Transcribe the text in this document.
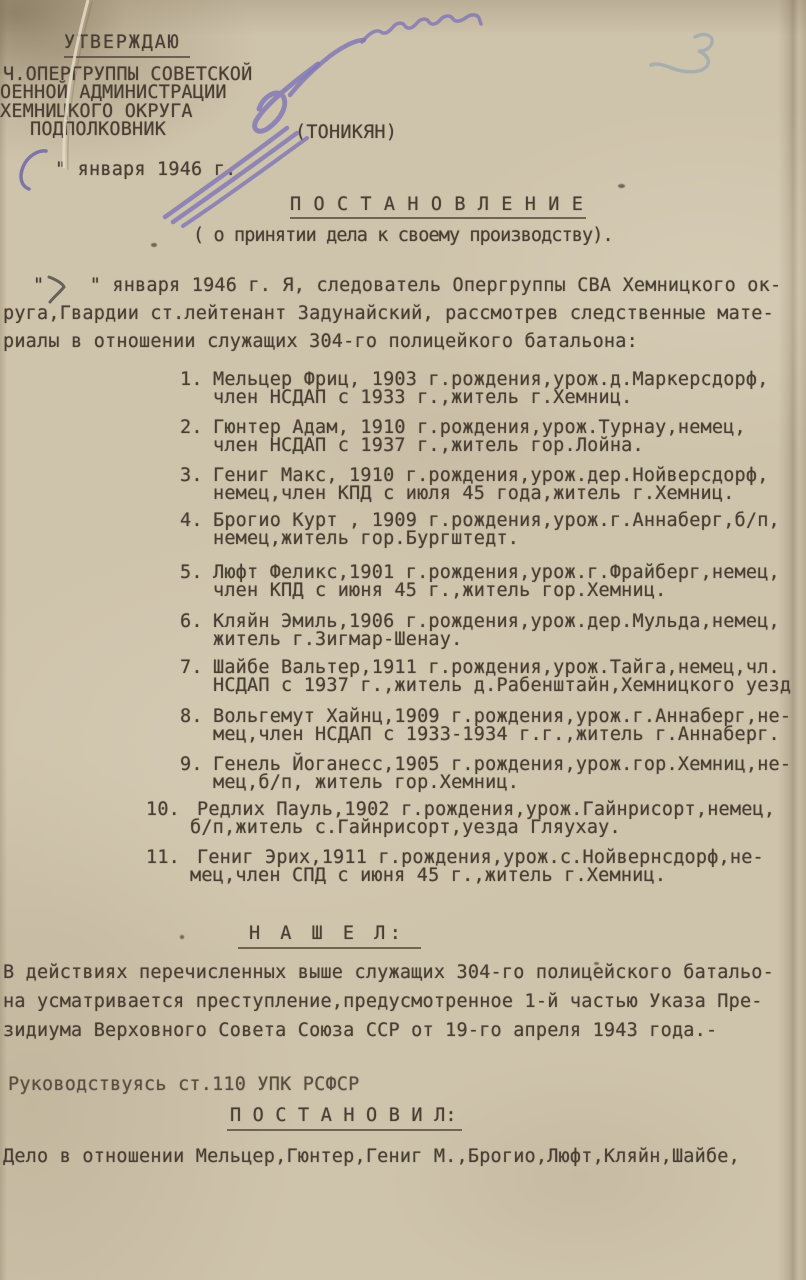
УТВЕРЖДАЮ
Ч.ОПЕРГРУППЫ СОВЕТСКОЙ
ОЕННОЙ АДМИНИСТРАЦИИ
ХЕМНИЦКОГО ОКРУГА
ПОДПОЛКОВНИК	(ТОНИКЯН)
" января 1946 г.
П О С Т А Н О В Л Е Н И Е
( о принятии дела к своему производству).
"    " января 1946 г. Я, следователь Опергруппы СВА Хемницкого ок-
руга,Гвардии ст.лейтенант Задунайский, рассмотрев следственные мате-
риалы в отношении служащих 304-го полицейкого батальона:
1. Мельцер Фриц, 1903 г.рождения,урож.д.Маркерсдорф,
член НСДАП с 1933 г.,житель г.Хемниц.
2. Гюнтер Адам, 1910 г.рождения,урож.Турнау,немец,
член НСДАП с 1937 г.,житель гор.Лойна.
3. Гениг Макс, 1910 г.рождения,урож.дер.Нойверсдорф,
немец,член КПД с июля 45 года,житель г.Хемниц.
4. Брогио Курт , 1909 г.рождения,урож.г.Аннаберг,б/п,
немец,житель гор.Бургштедт.
5. Люфт Феликс,1901 г.рождения,урож.г.Фрайберг,немец,
член КПД с июня 45 г.,житель гор.Хемниц.
6. Кляйн Эмиль,1906 г.рождения,урож.дер.Мульда,немец,
житель г.Зигмар-Шенау.
7. Шайбе Вальтер,1911 г.рождения,урож.Тайга,немец,чл.
НСДАП с 1937 г.,житель д.Рабенштайн,Хемницкого уезд
8. Вольгемут Хайнц,1909 г.рождения,урож.г.Аннаберг,не-
мец,член НСДАП с 1933-1934 г.г.,житель г.Аннаберг.
9. Генель Йоганесс,1905 г.рождения,урож.гор.Хемниц,не-
мец,б/п, житель гор.Хемниц.
10. Редлих Пауль,1902 г.рождения,урож.Гайнрисорт,немец,
б/п,житель с.Гайнрисорт,уезда Гляухау.
11. Гениг Эрих,1911 г.рождения,урож.с.Нойвернсдорф,не-
мец,член СПД с июня 45 г.,житель г.Хемниц.
Н А Ш Е Л:
В действиях перечисленных выше служащих 304-го полицейского батальо-
на усматривается преступление,предусмотренное 1-й частью Указа Пре-
зидиума Верховного Совета Союза ССР от 19-го апреля 1943 года.-
Руководствуясь ст.110 УПК РСФСР
П О С Т А Н О В И Л:
Дело в отношении Мельцер,Гюнтер,Гениг М.,Брогио,Люфт,Кляйн,Шайбе,
